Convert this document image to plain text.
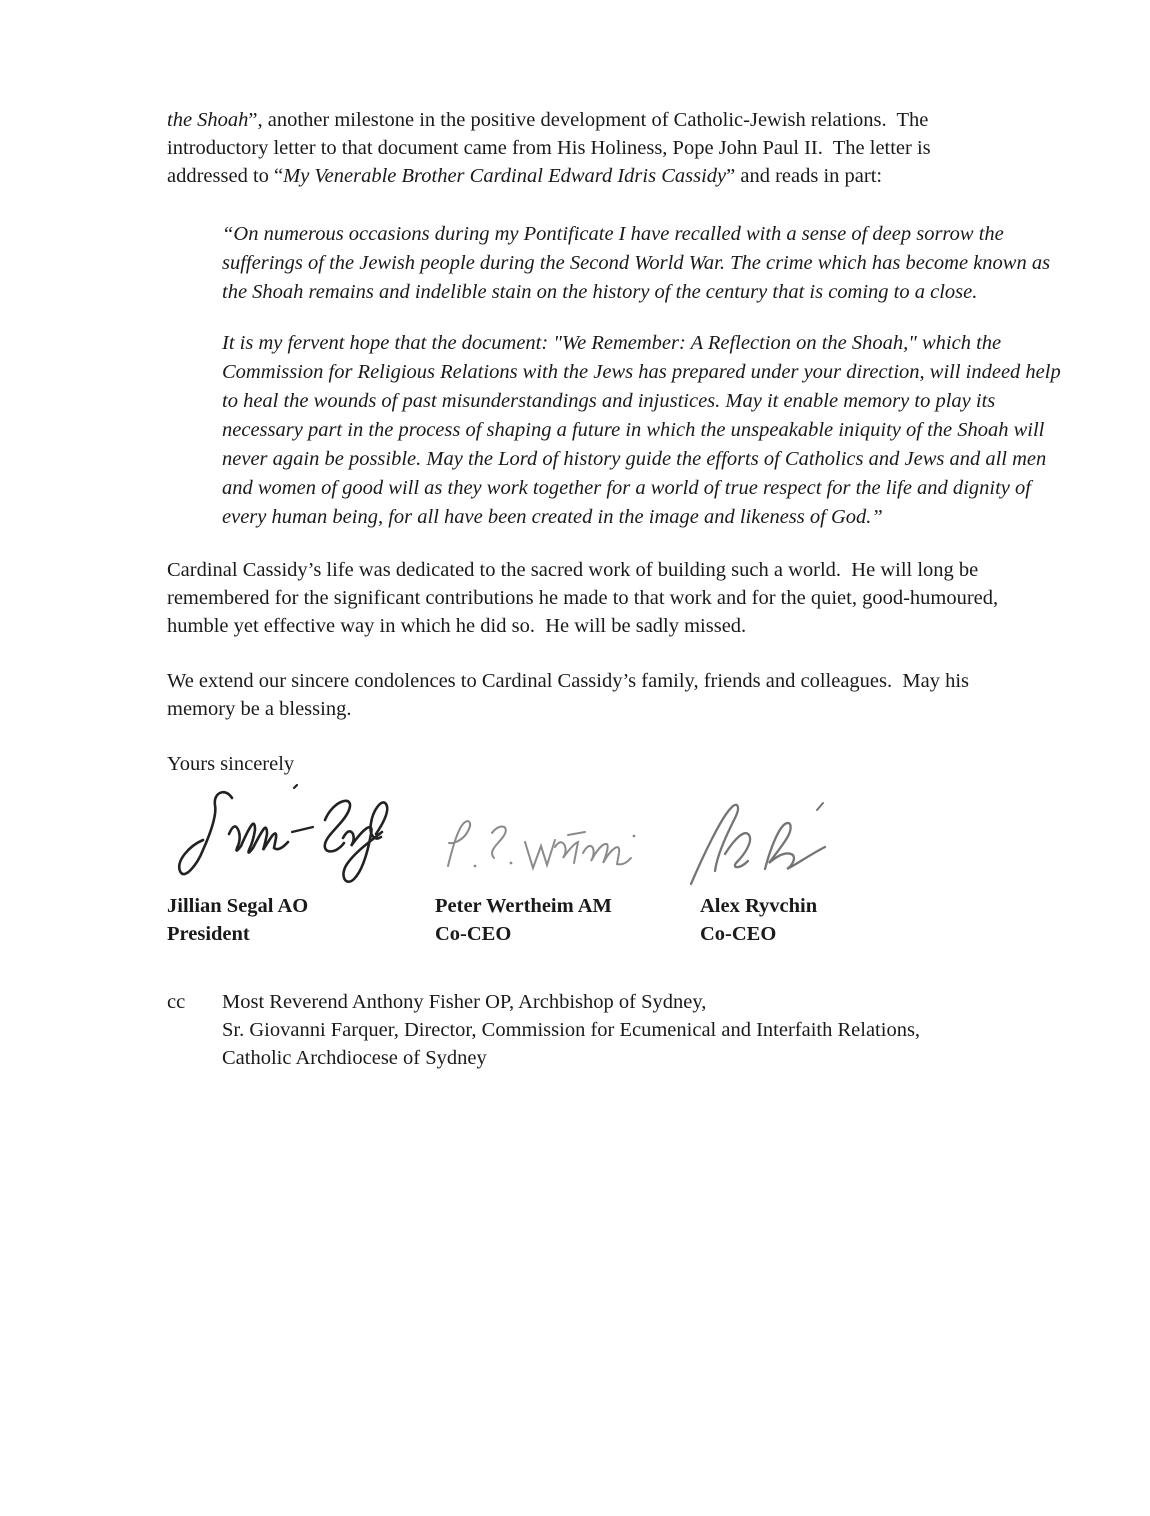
the Shoah”, another milestone in the positive development of Catholic-Jewish relations.  The introductory letter to that document came from His Holiness, Pope John Paul II.  The letter is addressed to “My Venerable Brother Cardinal Edward Idris Cassidy” and reads in part:

“On numerous occasions during my Pontificate I have recalled with a sense of deep sorrow the sufferings of the Jewish people during the Second World War. The crime which has become known as the Shoah remains and indelible stain on the history of the century that is coming to a close.

It is my fervent hope that the document: "We Remember: A Reflection on the Shoah," which the Commission for Religious Relations with the Jews has prepared under your direction, will indeed help to heal the wounds of past misunderstandings and injustices. May it enable memory to play its necessary part in the process of shaping a future in which the unspeakable iniquity of the Shoah will never again be possible. May the Lord of history guide the efforts of Catholics and Jews and all men and women of good will as they work together for a world of true respect for the life and dignity of every human being, for all have been created in the image and likeness of God.”

Cardinal Cassidy’s life was dedicated to the sacred work of building such a world.  He will long be remembered for the significant contributions he made to that work and for the quiet, good-humoured, humble yet effective way in which he did so.  He will be sadly missed.

We extend our sincere condolences to Cardinal Cassidy’s family, friends and colleagues.  May his memory be a blessing.

Yours sincerely

Jillian Segal AO
President
Peter Wertheim AM
Co-CEO
Alex Ryvchin
Co-CEO
cc	Most Reverend Anthony Fisher OP, Archbishop of Sydney,
Sr. Giovanni Farquer, Director, Commission for Ecumenical and Interfaith Relations,
Catholic Archdiocese of Sydney
